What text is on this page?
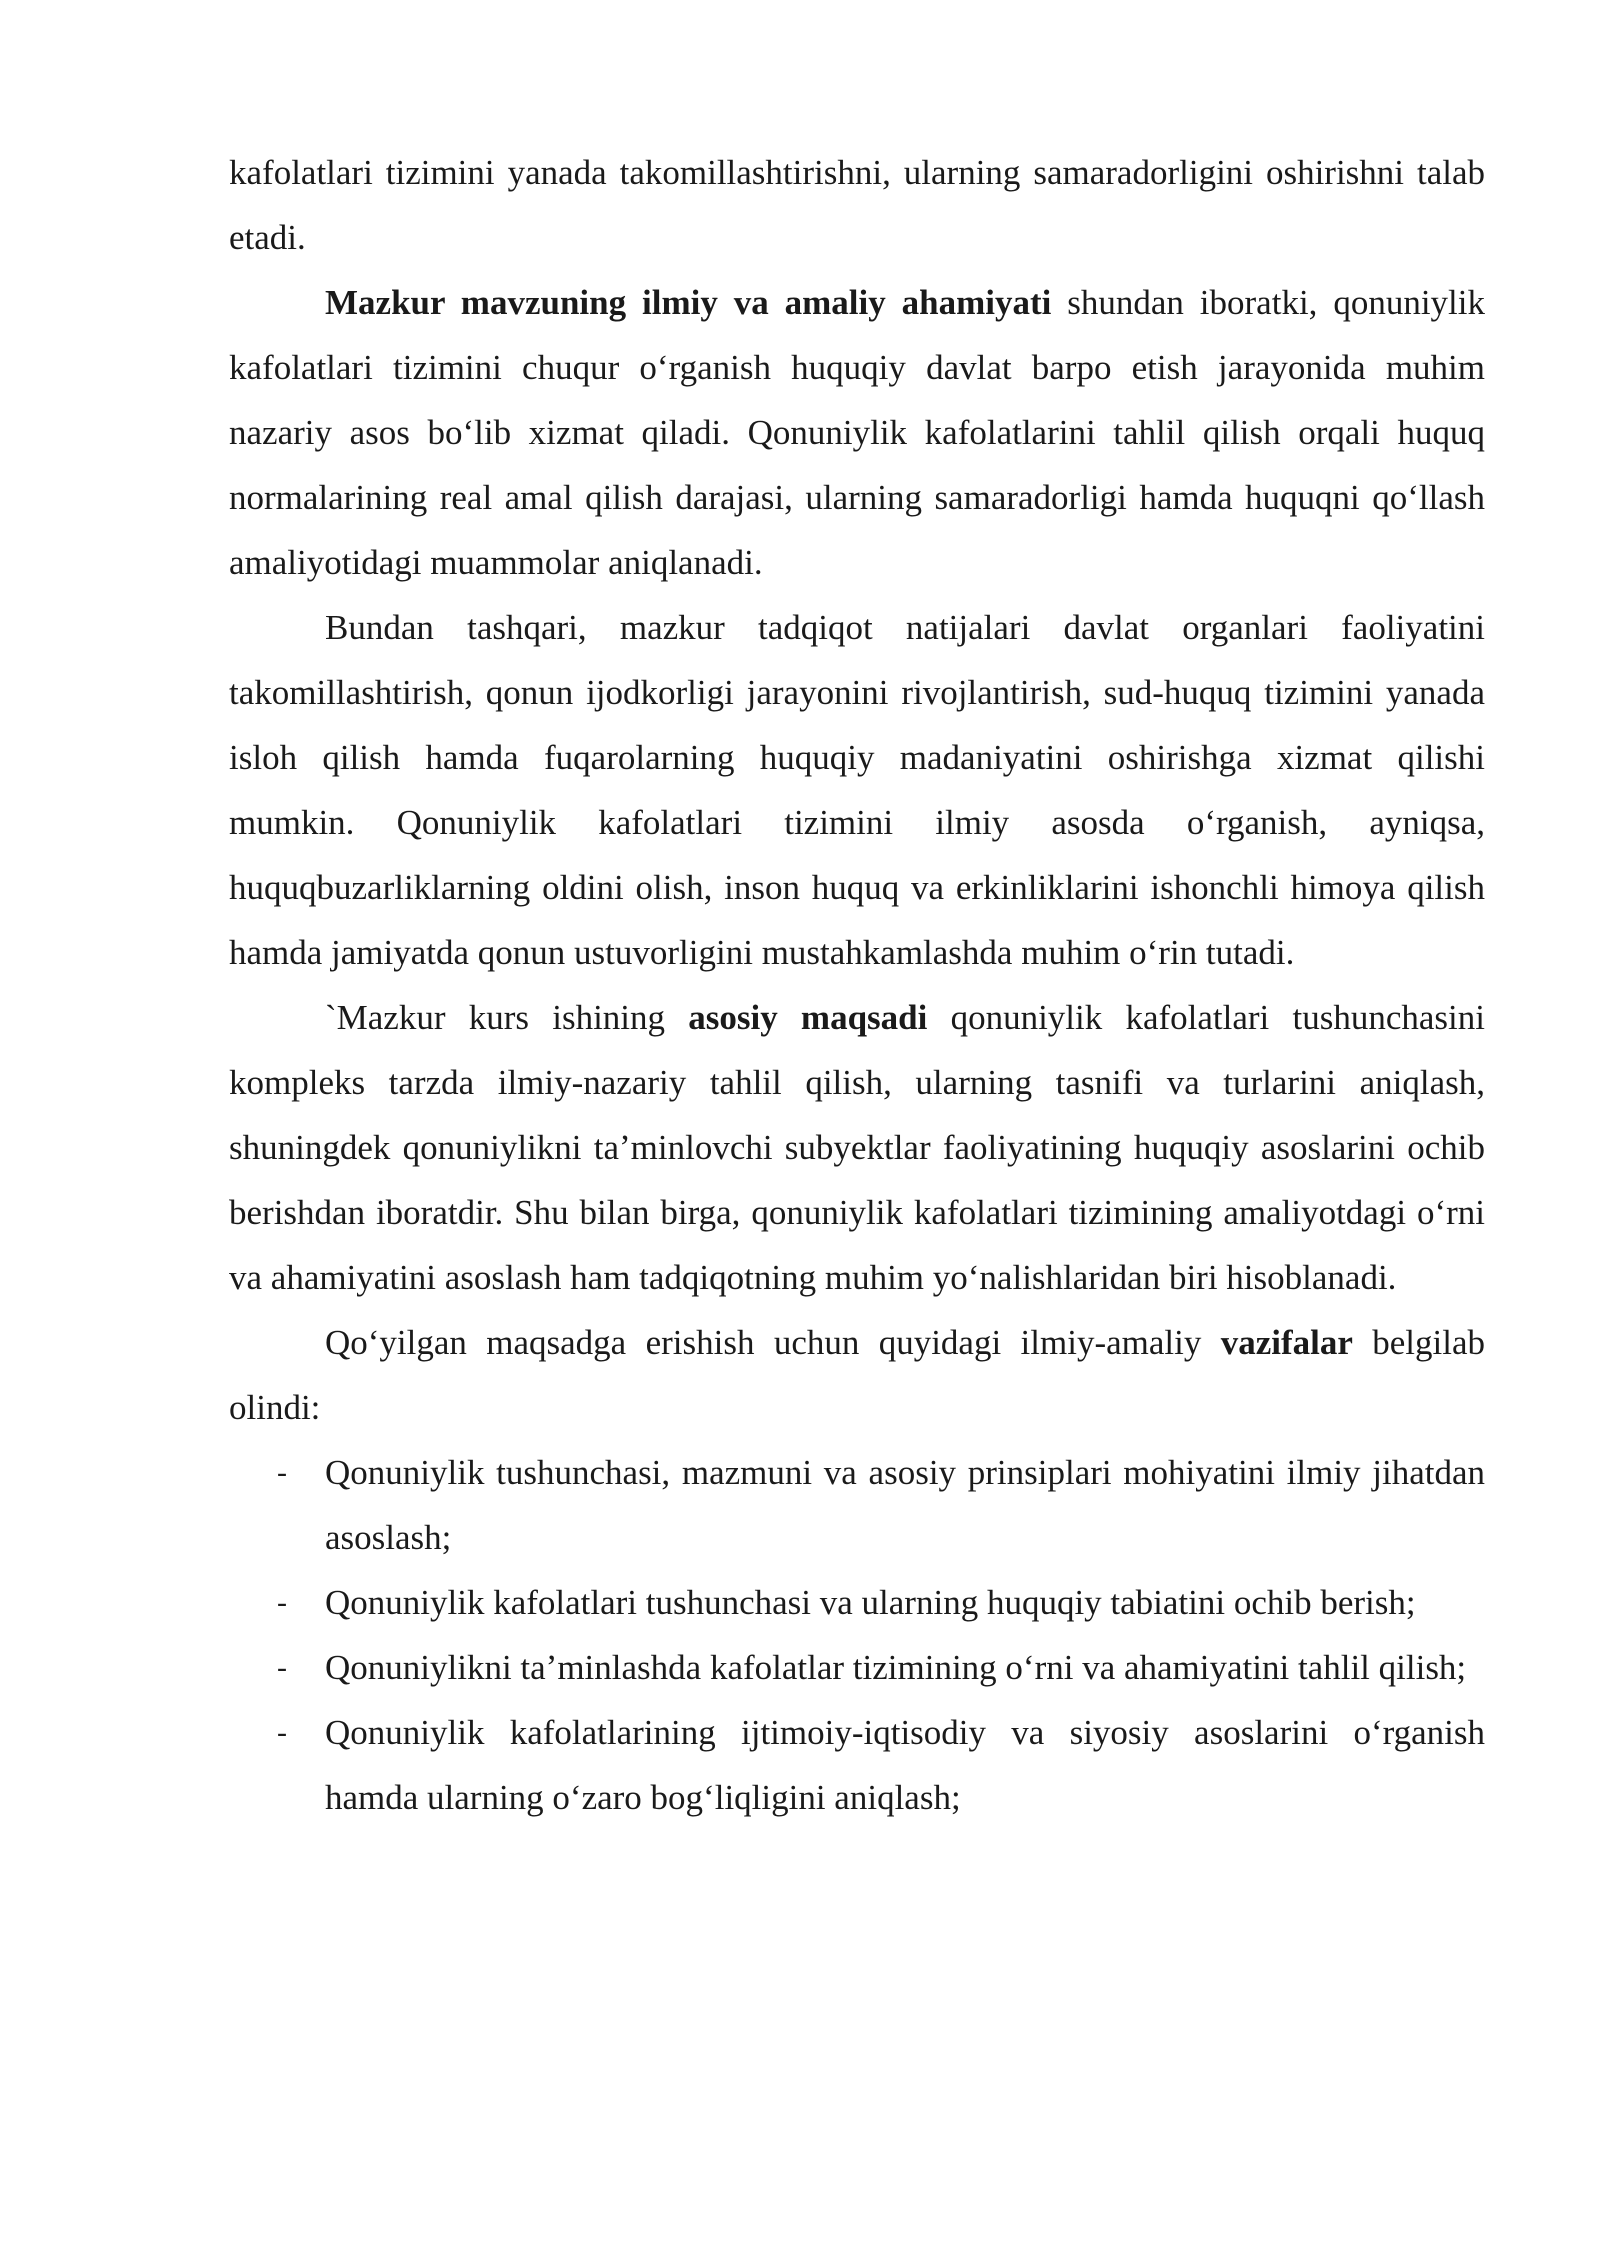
kafolatlari tizimini yanada takomillashtirishni, ularning samaradorligini oshirishni talab etadi.

Mazkur mavzuning ilmiy va amaliy ahamiyati shundan iboratki, qonuniylik kafolatlari tizimini chuqur oʻrganish huquqiy davlat barpo etish jarayonida muhim nazariy asos boʻlib xizmat qiladi. Qonuniylik kafolatlarini tahlil qilish orqali huquq normalarining real amal qilish darajasi, ularning samaradorligi hamda huquqni qoʻllash amaliyotidagi muammolar aniqlanadi.

Bundan tashqari, mazkur tadqiqot natijalari davlat organlari faoliyatini takomillashtirish, qonun ijodkorligi jarayonini rivojlantirish, sud-huquq tizimini yanada isloh qilish hamda fuqarolarning huquqiy madaniyatini oshirishga xizmat qilishi mumkin. Qonuniylik kafolatlari tizimini ilmiy asosda oʻrganish, ayniqsa, huquqbuzarliklarning oldini olish, inson huquq va erkinliklarini ishonchli himoya qilish hamda jamiyatda qonun ustuvorligini mustahkamlashda muhim oʻrin tutadi.

`Mazkur kurs ishining asosiy maqsadi qonuniylik kafolatlari tushunchasini kompleks tarzda ilmiy-nazariy tahlil qilish, ularning tasnifi va turlarini aniqlash, shuningdek qonuniylikni taʼminlovchi subyektlar faoliyatining huquqiy asoslarini ochib berishdan iboratdir. Shu bilan birga, qonuniylik kafolatlari tizimining amaliyotdagi oʻrni va ahamiyatini asoslash ham tadqiqotning muhim yoʻnalishlaridan biri hisoblanadi.

Qoʻyilgan maqsadga erishish uchun quyidagi ilmiy-amaliy vazifalar belgilab olindi:

- Qonuniylik tushunchasi, mazmuni va asosiy prinsiplari mohiyatini ilmiy jihatdan asoslash;
- Qonuniylik kafolatlari tushunchasi va ularning huquqiy tabiatini ochib berish;
- Qonuniylikni taʼminlashda kafolatlar tizimining oʻrni va ahamiyatini tahlil qilish;
- Qonuniylik kafolatlarining ijtimoiy-iqtisodiy va siyosiy asoslarini oʻrganish hamda ularning oʻzaro bogʻliqligini aniqlash;
